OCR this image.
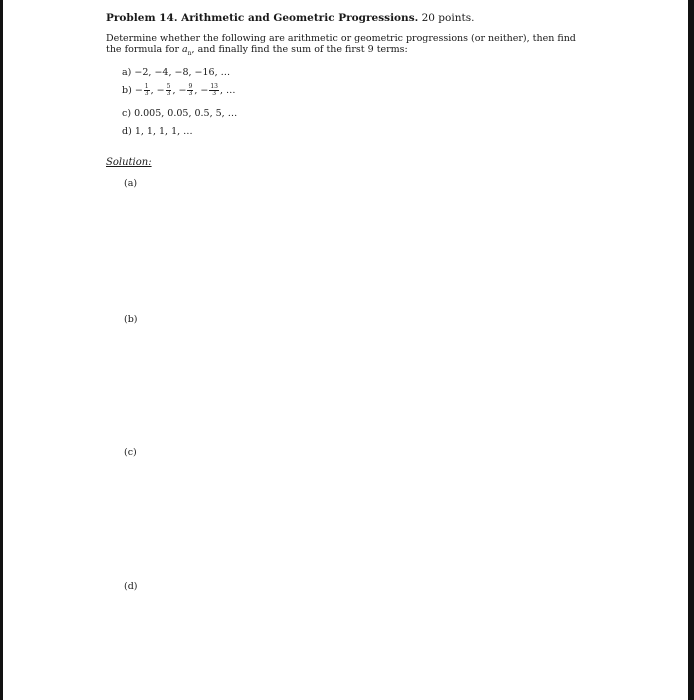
Problem 14. Arithmetic and Geometric Progressions. 20 points.
Determine whether the following are arithmetic or geometric progressions (or neither), then find
the formula for $a_n$, and finally find the sum of the first 9 terms:
a)
−2, −4, −8, −16, …
b)
− $\frac{1}{3}$ , − $\frac{5}{3}$ , − $\frac{9}{3}$ , − $\frac{13}{3}$ , …
c)
0.005, 0.05, 0.5, 5, …
d)
1, 1, 1, 1, …
Solution:
(a)
(b)
(c)
(d)
